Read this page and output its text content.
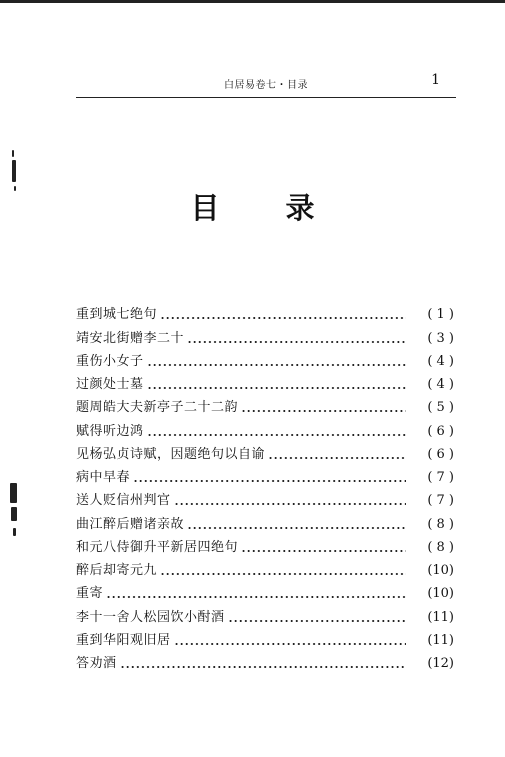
白居易卷七・目录	1
目 录
重到城七绝句	( 1 )
靖安北街赠李二十	( 3 )
重伤小女子	( 4 )
过颜处士墓	( 4 )
题周皓大夫新亭子二十二韵	( 5 )
赋得听边鸿	( 6 )
见杨弘贞诗赋，因题绝句以自谕	( 6 )
病中早春	( 7 )
送人贬信州判官	( 7 )
曲江醉后赠诸亲故	( 8 )
和元八侍御升平新居四绝句	( 8 )
醉后却寄元九	(10)
重寄	(10)
李十一舍人松园饮小酎酒	(11)
重到华阳观旧居	(11)
答劝酒	(12)
